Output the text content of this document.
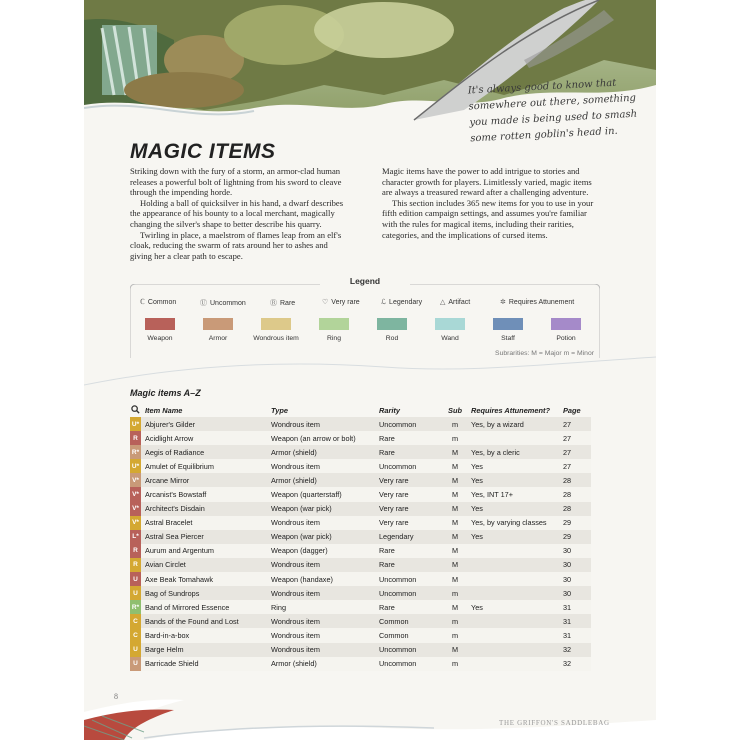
It's always good to know that somewhere out there, something you made is being used to smash some rotten goblin's head in.
MAGIC ITEMS

Striking down with the fury of a storm, an armor-clad human releases a powerful bolt of lightning from his sword to cleave through the impending horde.

Holding a ball of quicksilver in his hand, a dwarf describes the appearance of his bounty to a local merchant, magically changing the silver's shape to better describe his quarry.

Twirling in place, a maelstrom of flames leap from an elf's cloak, reducing the swarm of rats around her to ashes and giving her a clear path to escape.

Magic items have the power to add intrigue to stories and character growth for players. Limitlessly varied, magic items are always a treasured reward after a challenging adventure.

This section includes 365 new items for you to use in your fifth edition campaign settings, and assumes you're familiar with the rules for magical items, including their rarities, categories, and the implications of cursed items.

Legend
ℂ Common	Ⓤ Uncommon	Ⓡ Rare	♡ Very rare	ℒ Legendary	△ Artifact	✲ Requires Attunement
Weapon	Armor	Wondrous item	Ring	Rod	Wand	Staff	Potion
Subrarities: M = Major m = Minor
Magic items A–Z
	Item Name	Type	Rarity	Sub	Requires Attunement?	Page
U*	Abjurer's Gilder	Wondrous item	Uncommon	m	Yes, by a wizard	27
R	Acidlight Arrow	Weapon (an arrow or bolt)	Rare	m		27
R*	Aegis of Radiance	Armor (shield)	Rare	M	Yes, by a cleric	27
U*	Amulet of Equilibrium	Wondrous item	Uncommon	M	Yes	27
V*	Arcane Mirror	Armor (shield)	Very rare	M	Yes	28
V*	Arcanist's Bowstaff	Weapon (quarterstaff)	Very rare	M	Yes, INT 17+	28
V*	Architect's Disdain	Weapon (war pick)	Very rare	M	Yes	28
V*	Astral Bracelet	Wondrous item	Very rare	M	Yes, by varying classes	29
L*	Astral Sea Piercer	Weapon (war pick)	Legendary	M	Yes	29
R	Aurum and Argentum	Weapon (dagger)	Rare	M		30
R	Avian Circlet	Wondrous item	Rare	M		30
U	Axe Beak Tomahawk	Weapon (handaxe)	Uncommon	M		30
U	Bag of Sundrops	Wondrous item	Uncommon	m		30
R*	Band of Mirrored Essence	Ring	Rare	M	Yes	31
C	Bands of the Found and Lost	Wondrous item	Common	m		31
C	Bard-in-a-box	Wondrous item	Common	m		31
U	Barge Helm	Wondrous item	Uncommon	M		32
U	Barricade Shield	Armor (shield)	Uncommon	m		32
8
THE GRIFFON'S SADDLEBAG
